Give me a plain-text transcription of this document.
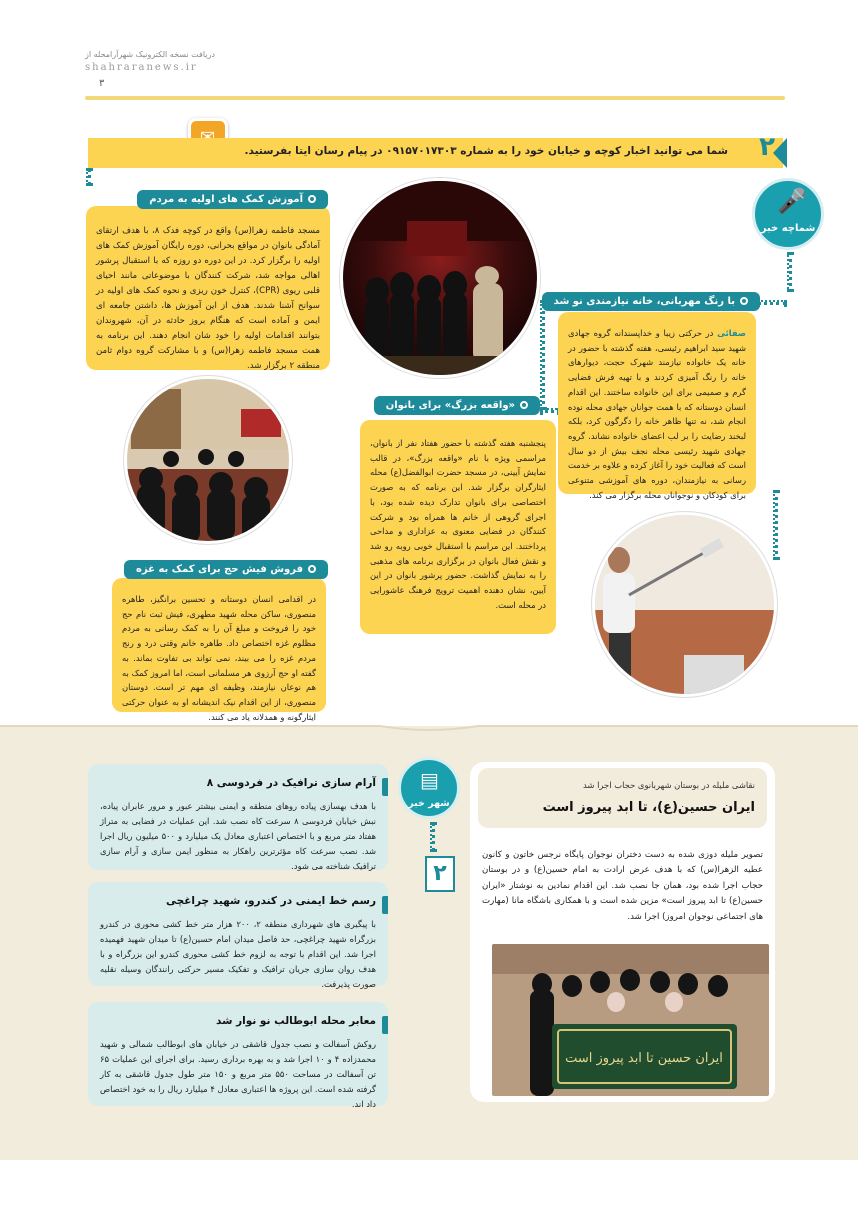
دریافت نسخه الکترونیک شهرآرامحله از
shahraranews.ir
۳
شما می توانید اخبار کوچه و خیابان خود را به شماره ۰۹۱۵۷۰۱۷۳۰۳ در پیام رسان ایتا بفرستید. ۲
🎤
شماچه خبر
مسجد فاطمه زهرا(س) واقع در کوچه فدک ۸، با هدف ارتقای آمادگی بانوان در مواقع بحرانی، دوره رایگان آموزش کمک های اولیه را برگزار کرد. در این دوره دو روزه که با استقبال پرشور اهالی مواجه شد، شرکت کنندگان با موضوعاتی مانند احیای قلبی ریوی (CPR)، کنترل خون ریزی و نحوه کمک های اولیه در سوانح آشنا شدند. هدف از این آموزش ها، داشتن جامعه ای ایمن و آماده است که هنگام بروز حادثه در آن، شهروندان بتوانند اقدامات اولیه را خود شان انجام دهند. این برنامه به همت مسجد فاطمه زهرا(س) و با مشارکت گروه دوام ثامن منطقه ۲ برگزار شد.
آموزش کمک های اولیه به مردم
صفائی در حرکتی زیبا و خداپسندانه گروه جهادی شهید سید ابراهیم رئیسی، هفته گذشته با حضور در خانه یک خانواده نیازمند شهرک حجت، دیوارهای خانه را رنگ آمیزی کردند و با تهیه فرش فضایی گرم و صمیمی برای این خانواده ساختند. این اقدام انسان دوستانه که با همت جوانان جهادی محله نوده انجام شد، نه تنها ظاهر خانه را دگرگون کرد، بلکه لبخند رضایت را بر لب اعضای خانواده نشاند. گروه جهادی شهید رئیسی محله نجف بیش از دو سال است که فعالیت خود را آغاز کرده و علاوه بر خدمت رسانی به نیازمندان، دوره های آموزشی متنوعی برای کودکان و نوجوانان محله برگزار می کند.
با رنگ مهربانی، خانه نیازمندی نو شد
پنجشنبه هفته گذشته با حضور هفتاد نفر از بانوان، مراسمی ویژه با نام «واقعه بزرگ»، در قالب نمایش آیینی، در مسجد حضرت ابوالفضل(ع) محله ایثارگران برگزار شد. این برنامه که به صورت اختصاصی برای بانوان تدارک دیده شده بود، با اجرای گروهی از خانم ها همراه بود و شرکت کنندگان در فضایی معنوی به عزاداری و مداحی پرداختند. این مراسم با استقبال خوبی روبه رو شد و نقش فعال بانوان در برگزاری برنامه های مذهبی را به نمایش گذاشت. حضور پرشور بانوان در این آیین، نشان دهنده اهمیت ترویج فرهنگ عاشورایی در محله است.
«واقعه بزرگ» برای بانوان
در اقدامی انسان دوستانه و تحسین برانگیز، طاهره منصوری، ساکن محله شهید مطهری، فیش ثبت نام حج خود را فروخت و مبلغ آن را به کمک رسانی به مردم مظلوم غزه اختصاص داد. طاهره خانم وقتی درد و رنج مردم غزه را می بیند، نمی تواند بی تفاوت بماند. به گفته او حج آرزوی هر مسلمانی است، اما امروز کمک به هم نوعان نیازمند، وظیفه ای مهم تر است. دوستان منصوری، از این اقدام نیک اندیشانه او به عنوان حرکتی ایثارگونه و همدلانه یاد می کنند.
فروش فیش حج برای کمک به غزه
نقاشی ملیله در بوستان شهربانوی حجاب اجرا شد
ایران حسین(ع)، تا ابد پیروز است
تصویر ملیله دوزی شده به دست دختران نوجوان پایگاه نرجس خاتون و کانون عطیه الزهرا(س) که با هدف عرض ارادت به امام حسین(ع) و در بوستان حجاب اجرا شده بود، همان جا نصب شد. این اقدام نمادین به نوشتار «ایران حسین(ع) تا ابد پیروز است» مزین شده است و با همکاری باشگاه مانا (مهارت های اجتماعی نوجوان امروز) اجرا شد.
ایران حسین تا ابد پیروز است
▤
شهر خبر
۲
آرام سازی ترافیک در فردوسی ۸
با هدف بهسازی پیاده روهای منطقه و ایمنی بیشتر عبور و مرور عابران پیاده، نبش خیابان فردوسی ۸ سرعت کاه نصب شد. این عملیات در فضایی به متراژ هفتاد متر مربع و با اختصاص اعتباری معادل یک میلیارد و ۵۰۰ میلیون ریال اجرا شد. نصب سرعت کاه مؤثرترین راهکار به منظور ایمن سازی و آرام سازی ترافیک شناخته می شود.
رسم خط ایمنی در کندرو، شهید چراغچی
با پیگیری های شهرداری منطقه ۲، ۲۰۰ هزار متر خط کشی محوری در کندرو بزرگراه شهید چراغچی، حد فاصل میدان امام حسین(ع) تا میدان شهید فهمیده اجرا شد. این اقدام با توجه به لزوم خط کشی محوری کندرو این بزرگراه و با هدف روان سازی جریان ترافیک و تفکیک مسیر حرکتی رانندگان وسیله نقلیه صورت پذیرفت.
معابر محله ابوطالب نو نوار شد
روکش آسفالت و نصب جدول قاشقی در خیابان های ابوطالب شمالی و شهید محمدزاده ۴ و ۱۰ اجرا شد و به بهره برداری رسید. برای اجرای این عملیات ۶۵ تن آسفالت در مساحت ۵۵۰ متر مربع و ۱۵۰ متر طول جدول قاشقی به کار گرفته شده است. این پروژه ها اعتباری معادل ۴ میلیارد ریال را به خود اختصاص داد اند.
